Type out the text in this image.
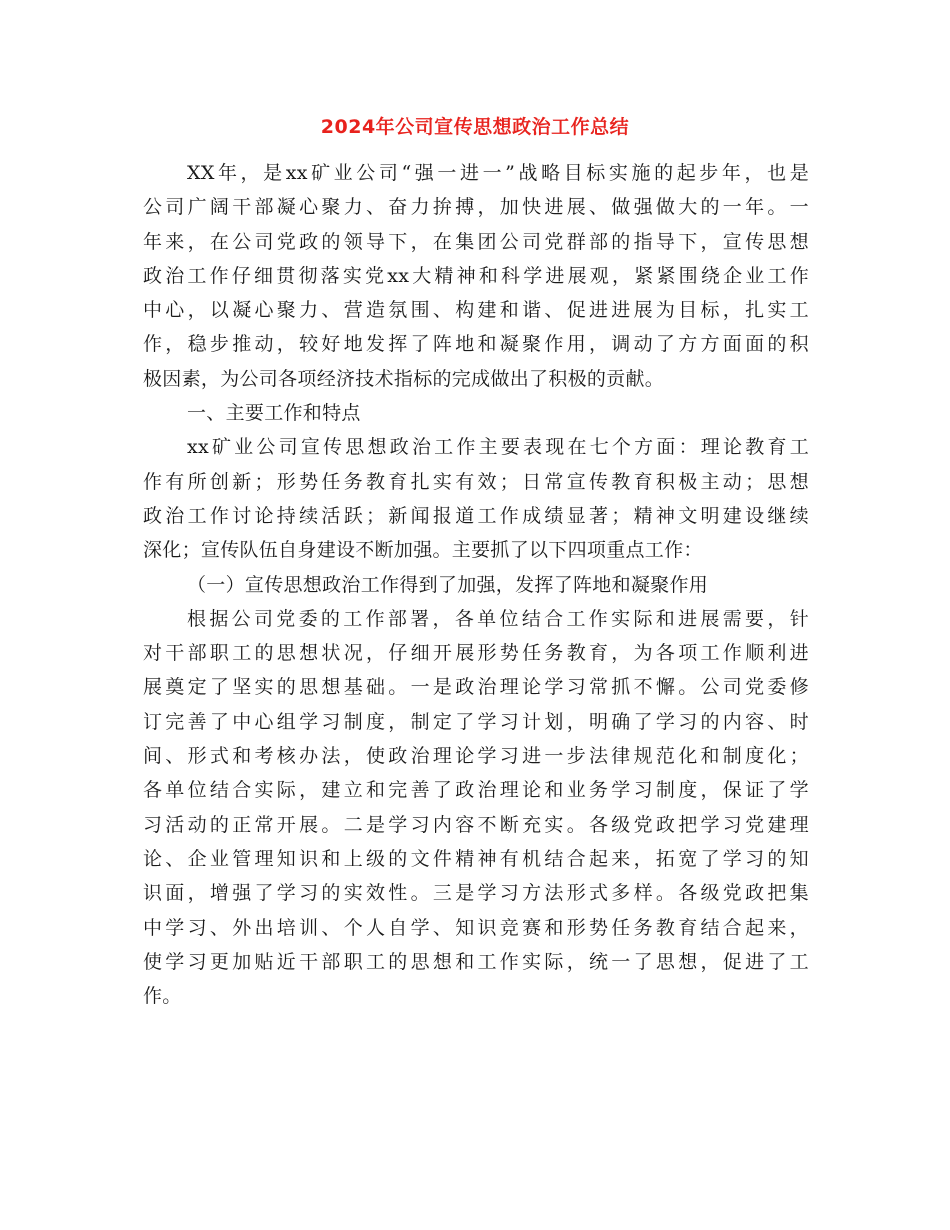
2024年公司宣传思想政治工作总结
XX年，是xx矿业公司“强一进一”战略目标实施的起步年，也是
公司广阔干部凝心聚力、奋力拚搏，加快进展、做强做大的一年。一
年来，在公司党政的领导下，在集团公司党群部的指导下，宣传思想
政治工作仔细贯彻落实党xx大精神和科学进展观，紧紧围绕企业工作
中心，以凝心聚力、营造氛围、构建和谐、促进进展为目标，扎实工
作，稳步推动，较好地发挥了阵地和凝聚作用，调动了方方面面的积
极因素，为公司各项经济技术指标的完成做出了积极的贡献。
一、主要工作和特点
xx矿业公司宣传思想政治工作主要表现在七个方面：理论教育工
作有所创新；形势任务教育扎实有效；日常宣传教育积极主动；思想
政治工作讨论持续活跃；新闻报道工作成绩显著；精神文明建设继续
深化；宣传队伍自身建设不断加强。主要抓了以下四项重点工作：
（一）宣传思想政治工作得到了加强，发挥了阵地和凝聚作用
根据公司党委的工作部署，各单位结合工作实际和进展需要，针
对干部职工的思想状况，仔细开展形势任务教育，为各项工作顺利进
展奠定了坚实的思想基础。一是政治理论学习常抓不懈。公司党委修
订完善了中心组学习制度，制定了学习计划，明确了学习的内容、时
间、形式和考核办法，使政治理论学习进一步法律规范化和制度化；
各单位结合实际，建立和完善了政治理论和业务学习制度，保证了学
习活动的正常开展。二是学习内容不断充实。各级党政把学习党建理
论、企业管理知识和上级的文件精神有机结合起来，拓宽了学习的知
识面，增强了学习的实效性。三是学习方法形式多样。各级党政把集
中学习、外出培训、个人自学、知识竞赛和形势任务教育结合起来，
使学习更加贴近干部职工的思想和工作实际，统一了思想，促进了工
作。
